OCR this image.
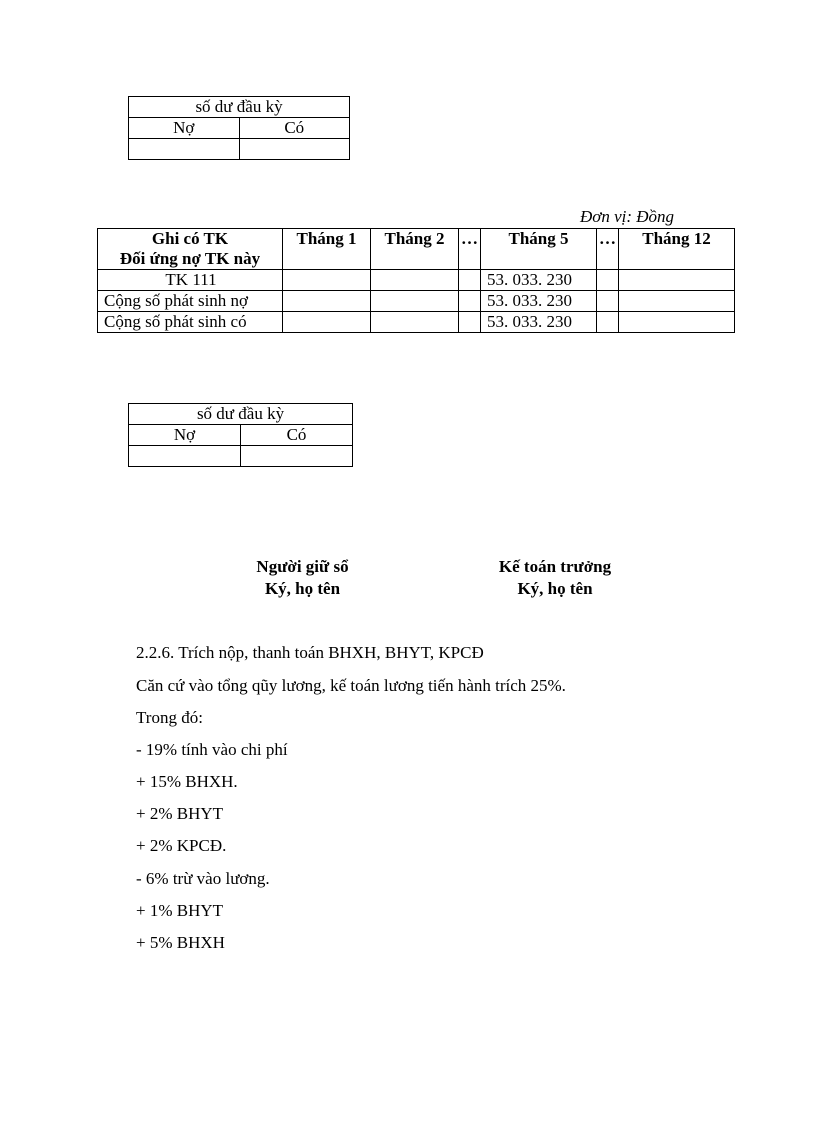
số dư đầu kỳ	
Nợ	Có

Đơn vị: Đồng
Ghi có TK
Đối ứng nợ TK này	Tháng 1	Tháng 2	…	Tháng 5	…	Tháng 12
TK 111				53. 033. 230		
Cộng số phát sinh nợ				53. 033. 230		
Cộng số phát sinh có				53. 033. 230		
số dư đầu kỳ	
Nợ	Có

Người giữ sổ
Ký, họ tên
Kế toán trưởng
Ký, họ tên
2.2.6. Trích nộp, thanh toán BHXH, BHYT, KPCĐ
Căn cứ vào tổng qũy lương, kế toán lương tiến hành trích 25%.
Trong đó:
- 19% tính vào chi phí
+ 15% BHXH.
+ 2% BHYT
+ 2% KPCĐ.
- 6% trừ vào lương.
+ 1% BHYT
+ 5% BHXH
